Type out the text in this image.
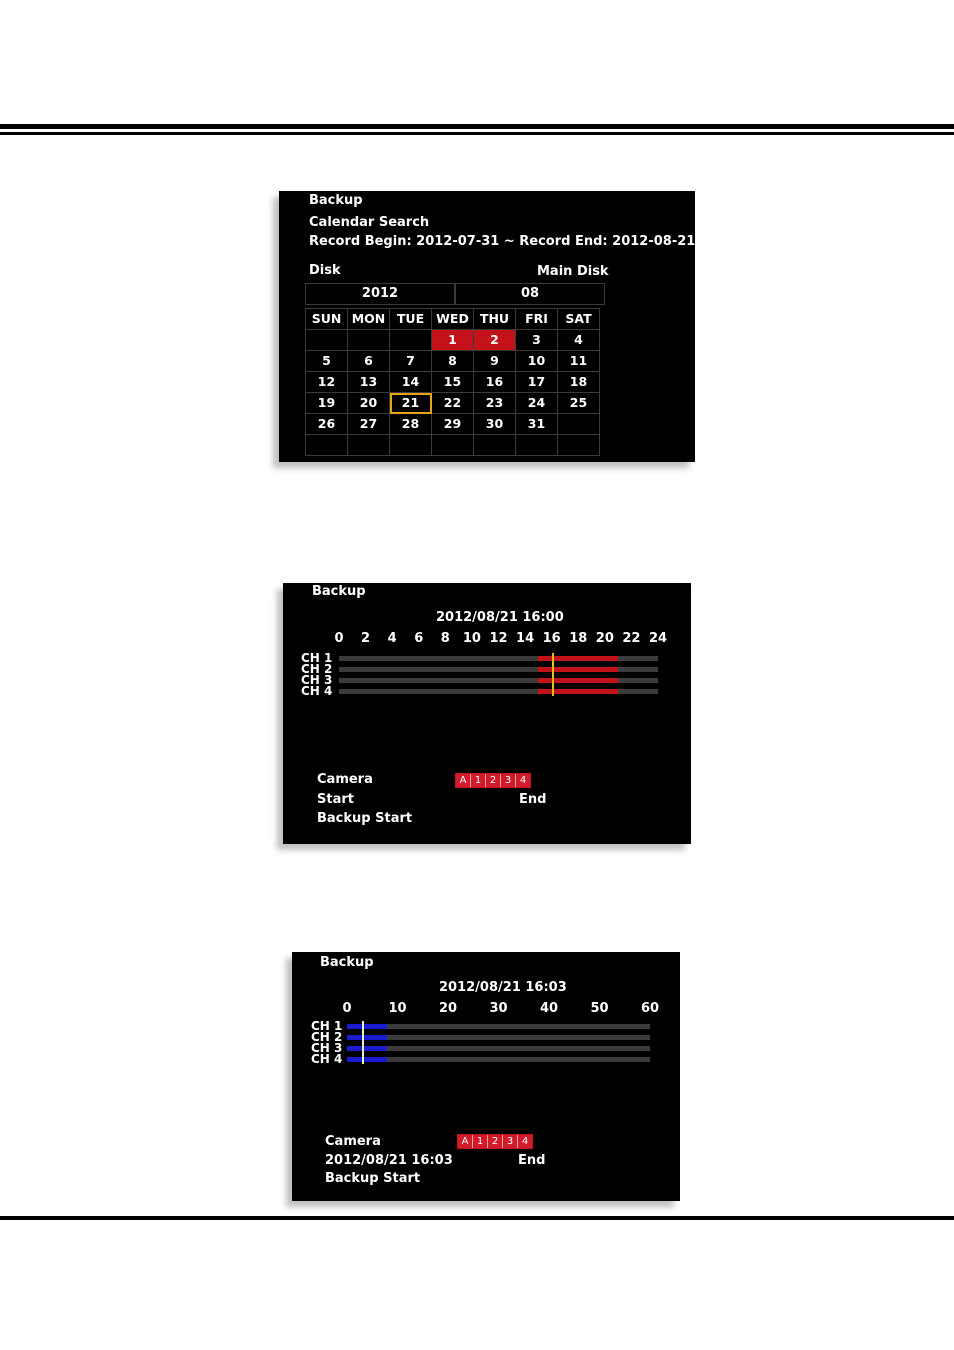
Backup
Calendar Search
Record Begin: 2012-07-31 ~ Record End: 2012-08-21
Disk	Main Disk
2012	08
SUN	MON	TUE	WED	THU	FRI	SAT
			1	2	3	4
5	6	7	8	9	10	11
12	13	14	15	16	17	18
19	20	21	22	23	24	25
26	27	28	29	30	31	

Backup
2012/08/21 16:00
0 2 4 6 8 10 12 14 16 18 20 22 24
CH 1
CH 2
CH 3
CH 4
Camera	A 1 2 3 4
Start	End
Backup Start
Backup
2012/08/21 16:03
0	10 20 30 40 50 60
CH 1
CH 2
CH 3
CH 4
Camera	A 1 2 3 4
2012/08/21 16:03	End
Backup Start
